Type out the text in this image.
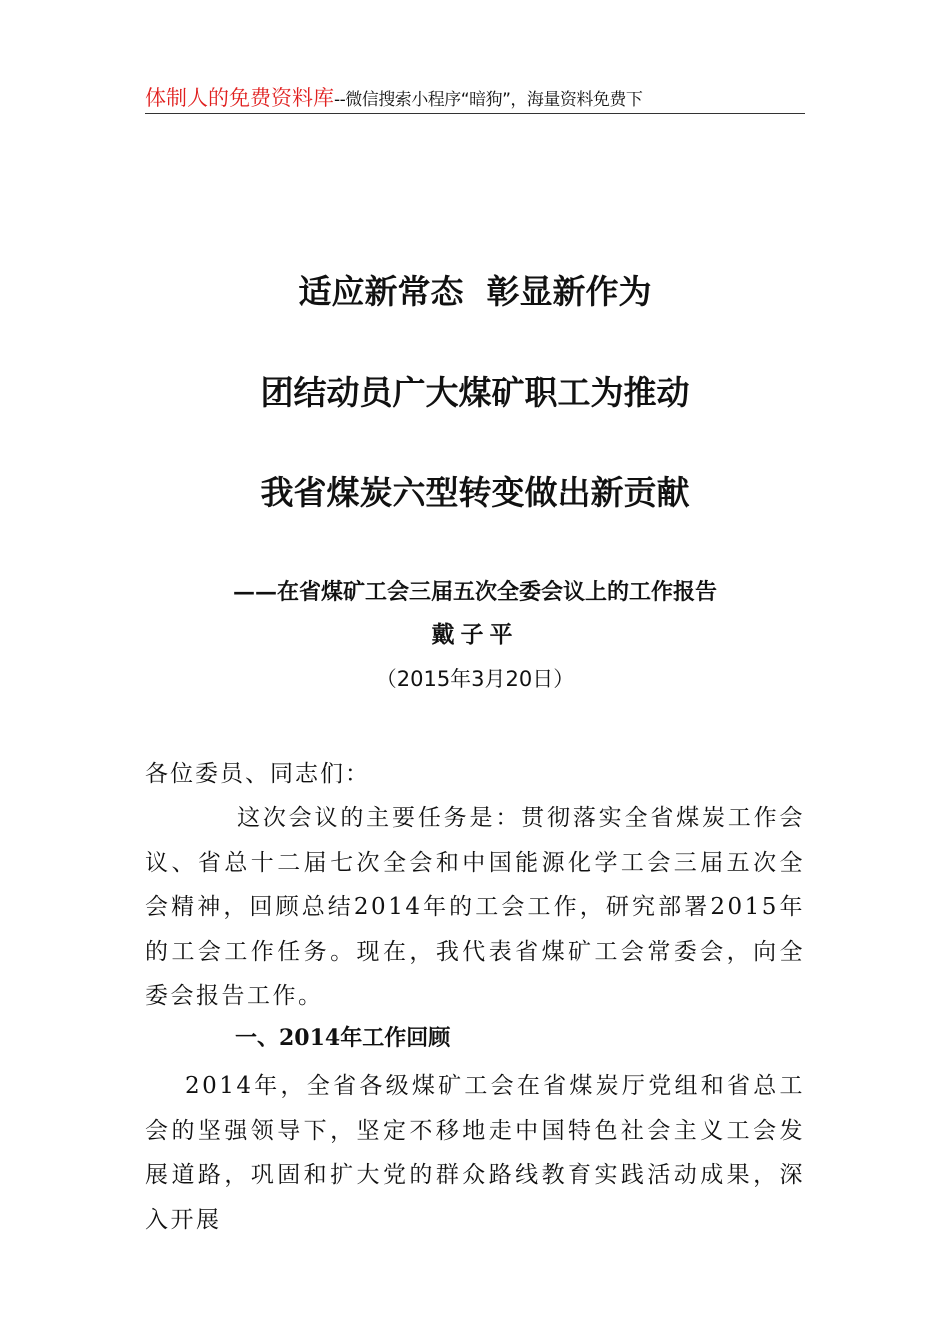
体制人的免费资料库--微信搜索小程序“暗狗”，海量资料免费下
适应新常态  彰显新作为
团结动员广大煤矿职工为推动
我省煤炭六型转变做出新贡献
——在省煤矿工会三届五次全委会议上的工作报告
戴子平
（2015年3月20日）
各位委员、同志们：

这次会议的主要任务是：贯彻落实全省煤炭工作会议、省总十二届七次全会和中国能源化学工会三届五次全会精神，回顾总结2014年的工会工作，研究部署2015年的工会工作任务。现在，我代表省煤矿工会常委会，向全委会报告工作。

一、2014年工作回顾

2014年，全省各级煤矿工会在省煤炭厅党组和省总工会的坚强领导下，坚定不移地走中国特色社会主义工会发展道路，巩固和扩大党的群众路线教育实践活动成果，深入开展
